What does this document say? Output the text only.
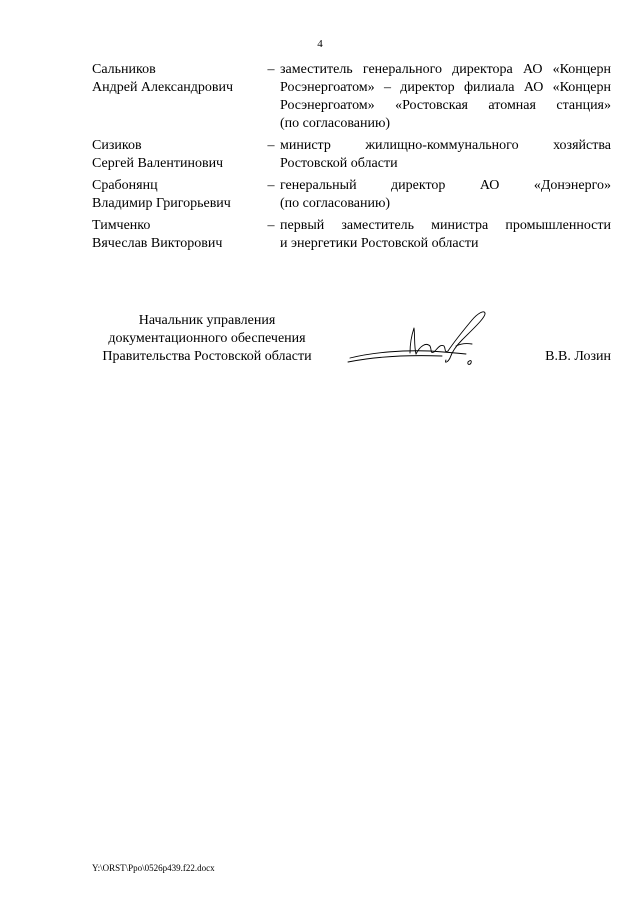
4
Сальников
Андрей Александрович
– заместитель генерального директора АО «Концерн
Росэнергоатом» – директор филиала АО «Концерн
Росэнергоатом» «Ростовская атомная станция»
(по согласованию)
Сизиков
Сергей Валентинович
– министр жилищно-коммунального хозяйства
Ростовской области
Срабонянц
Владимир Григорьевич
– генеральный директор АО «Донэнерго»
(по согласованию)
Тимченко
Вячеслав Викторович
– первый заместитель министра промышленности
и энергетики Ростовской области
Начальник управления
документационного обеспечения
Правительства Ростовской области	В.В. Лозин
Y:\ORST\Ppo\0526p439.f22.docx
